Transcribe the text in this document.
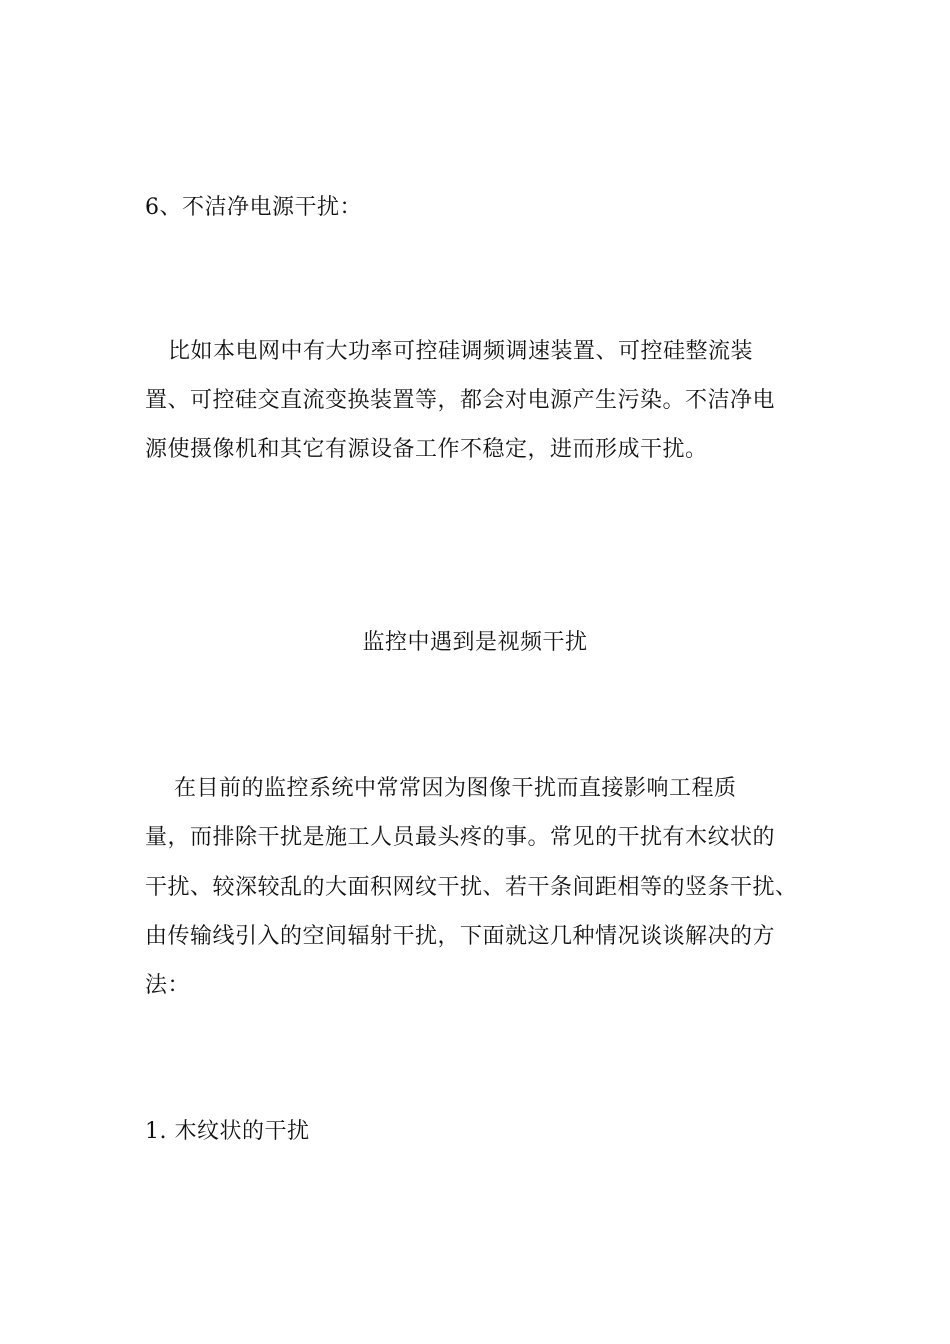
6、不洁净电源干扰：
比如本电网中有大功率可控硅调频调速装置、可控硅整流装
置、可控硅交直流变换装置等，都会对电源产生污染。不洁净电
源使摄像机和其它有源设备工作不稳定，进而形成干扰。
监控中遇到是视频干扰
在目前的监控系统中常常因为图像干扰而直接影响工程质
量，而排除干扰是施工人员最头疼的事。常见的干扰有木纹状的
干扰、较深较乱的大面积网纹干扰、若干条间距相等的竖条干扰、
由传输线引入的空间辐射干扰，下面就这几种情况谈谈解决的方
法：
1. 木纹状的干扰
